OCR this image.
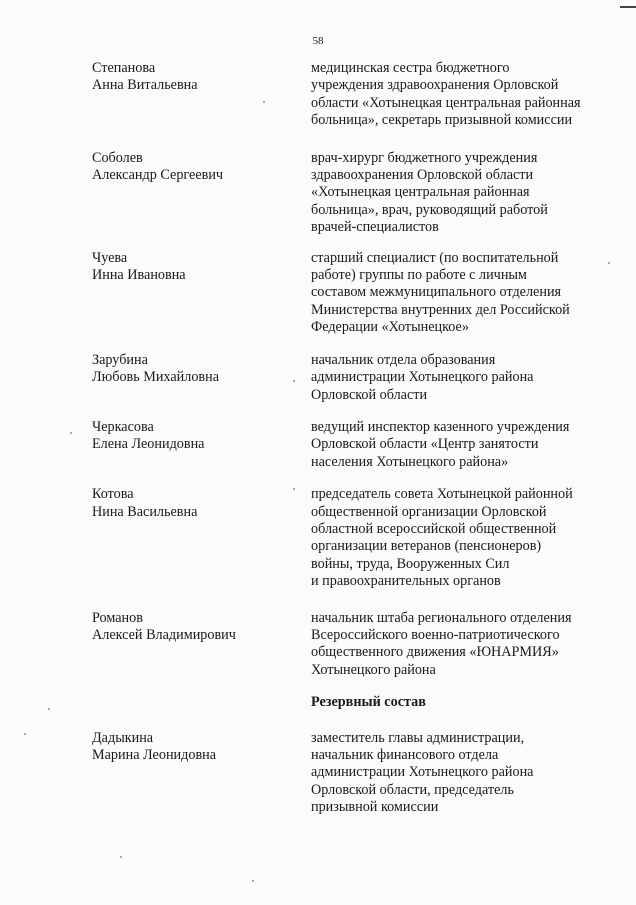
58
Степанова
Анна Витальевна
медицинская сестра бюджетного
учреждения здравоохранения Орловской
области «Хотынецкая центральная районная
больница», секретарь призывной комиссии
Соболев
Александр Сергеевич
врач-хирург бюджетного учреждения
здравоохранения Орловской области
«Хотынецкая центральная районная
больница», врач, руководящий работой
врачей-специалистов
Чуева
Инна Ивановна
старший специалист (по воспитательной
работе) группы по работе с личным
составом межмуниципального отделения
Министерства внутренних дел Российской
Федерации «Хотынецкое»
Зарубина
Любовь Михайловна
начальник отдела образования
администрации Хотынецкого района
Орловской области
Черкасова
Елена Леонидовна
ведущий инспектор казенного учреждения
Орловской области «Центр занятости
населения Хотынецкого района»
Котова
Нина Васильевна
председатель совета Хотынецкой районной
общественной организации Орловской
областной всероссийской общественной
организации ветеранов (пенсионеров)
войны, труда, Вооруженных Сил
и правоохранительных органов
Романов
Алексей Владимирович
начальник штаба регионального отделения
Всероссийского военно-патриотического
общественного движения «ЮНАРМИЯ»
Хотынецкого района
Резервный состав
Дадыкина
Марина Леонидовна
заместитель главы администрации,
начальник финансового отдела
администрации Хотынецкого района
Орловской области, председатель
призывной комиссии
